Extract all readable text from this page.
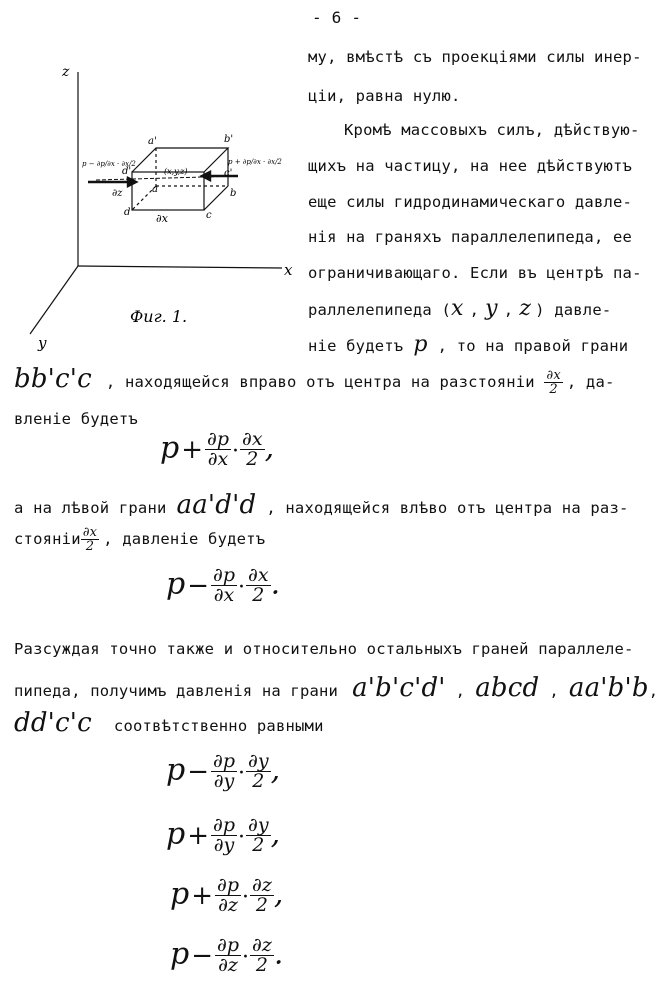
- 6 -
z
x
y
a'	b'
d'	c'
a
d
b
c
(x,y,z)
∂x
∂z
p − ∂p/∂x · ∂x/2	p + ∂p/∂x · ∂x/2
Фиг. 1.
му, вмѣстѣ съ проекціями силы инер-
ціи, равна нулю.
Кромѣ массовыхъ силъ, дѣйствую-
щихъ на частицу, на нее дѣйствуютъ
еще силы гидродинамическаго давле-
нія на граняхъ параллелепипеда, ее
ограничивающаго. Если въ центрѣ па-
раллелепипеда (x , y , z ) давле-
ніе будетъ p , то на правой грани
bb'c'c , находящейся вправо отъ центра на разстояніи $\frac{\partial x}{2}$ , да-
вленіе будетъ
$p+ \frac{\partial p}{\partial x} \cdot \frac{\partial x}{2}$ ,
а на лѣвой грани aa'd'd , находящейся влѣво отъ центра на раз-
стояніи $\frac{\partial x}{2}$ , давленіе будетъ
$p- \frac{\partial p}{\partial x} \cdot \frac{\partial x}{2}$ .
Разсуждая точно также и относительно остальныхъ граней параллеле-
пипеда, получимъ давленія на грани a'b'c'd' , abcd , aa'b'b,
dd'c'c соотвѣтственно равными
$p- \frac{\partial p}{\partial y} \cdot \frac{\partial y}{2}$ ,
$p+ \frac{\partial p}{\partial y} \cdot \frac{\partial y}{2}$ ,
$p+ \frac{\partial p}{\partial z} \cdot \frac{\partial z}{2}$ ,
$p- \frac{\partial p}{\partial z} \cdot \frac{\partial z}{2}$ .
